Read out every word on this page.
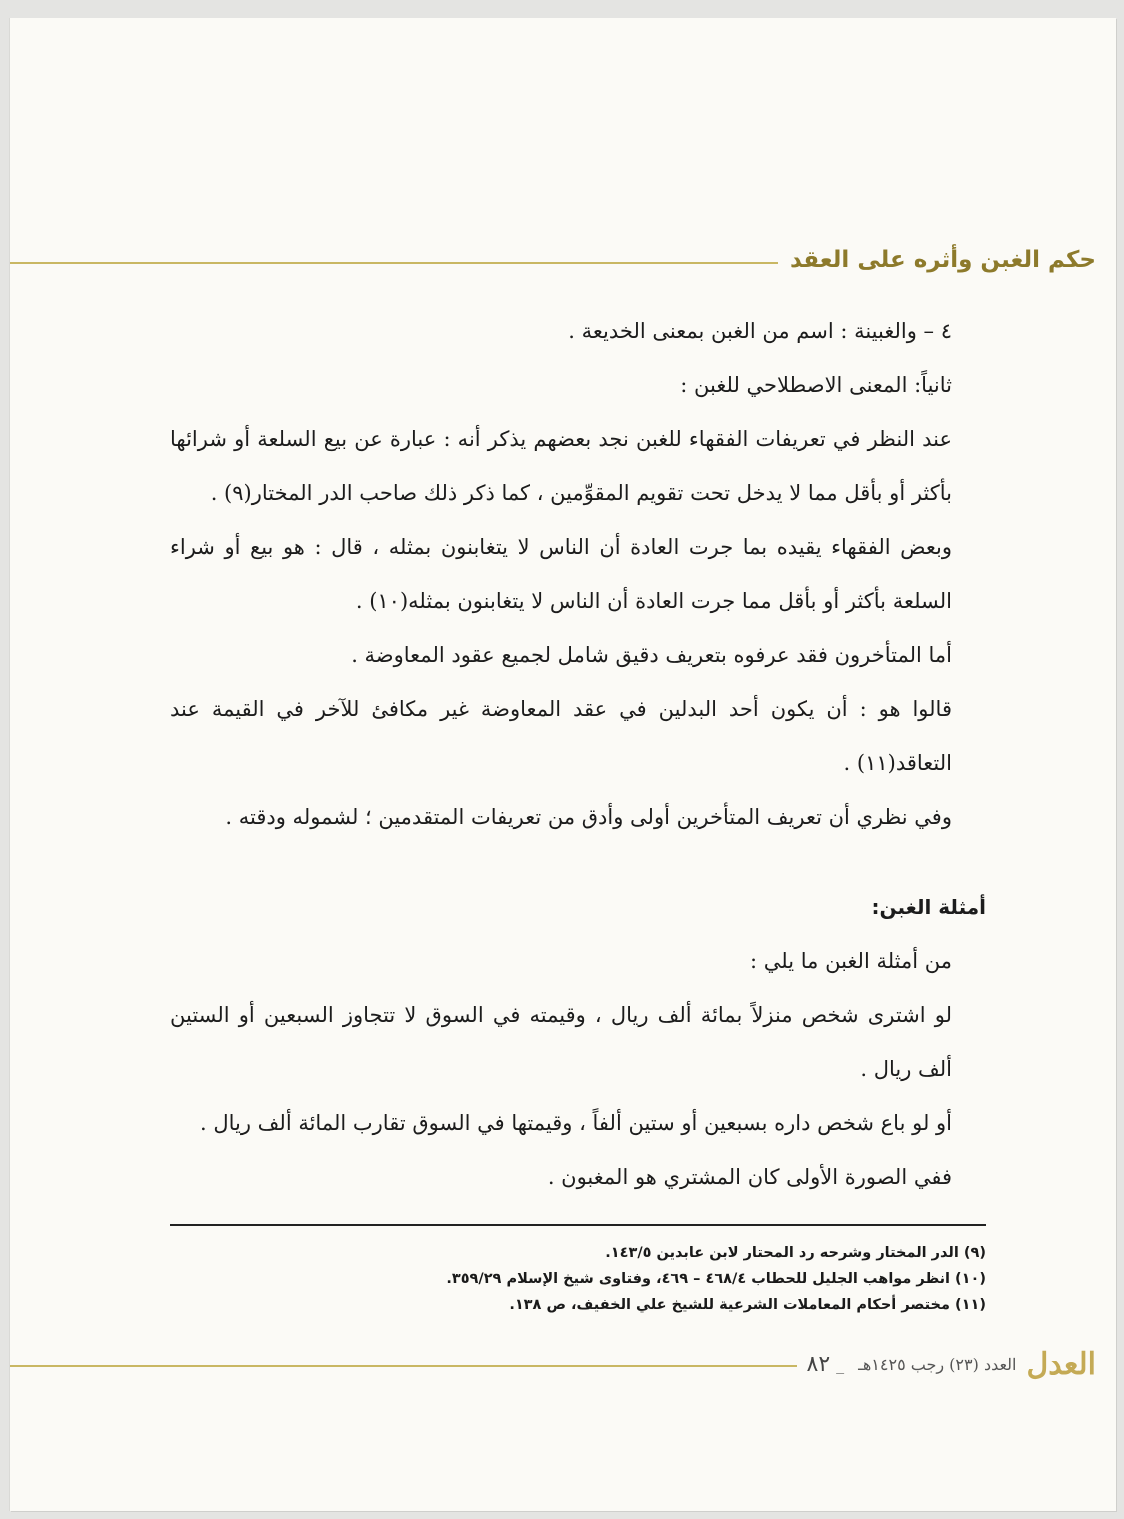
حكم الغبن وأثره على العقد

٤ – والغبينة : اسم من الغبن بمعنى الخديعة .

ثانياً: المعنى الاصطلاحي للغبن :

عند النظر في تعريفات الفقهاء للغبن نجد بعضهم يذكر أنه : عبارة عن بيع السلعة أو شرائها بأكثر أو بأقل مما لا يدخل تحت تقويم المقوِّمين ، كما ذكر ذلك صاحب الدر المختار(٩) .

وبعض الفقهاء يقيده بما جرت العادة أن الناس لا يتغابنون بمثله ، قال : هو بيع أو شراء السلعة بأكثر أو بأقل مما جرت العادة أن الناس لا يتغابنون بمثله(١٠) .

أما المتأخرون فقد عرفوه بتعريف دقيق شامل لجميع عقود المعاوضة .

قالوا هو : أن يكون أحد البدلين في عقد المعاوضة غير مكافئ للآخر في القيمة عند التعاقد(١١) .

وفي نظري أن تعريف المتأخرين أولى وأدق من تعريفات المتقدمين ؛ لشموله ودقته .

أمثلة الغبن:

من أمثلة الغبن ما يلي :

لو اشترى شخص منزلاً بمائة ألف ريال ، وقيمته في السوق لا تتجاوز السبعين أو الستين ألف ريال .

أو لو باع شخص داره بسبعين أو ستين ألفاً ، وقيمتها في السوق تقارب المائة ألف ريال .

ففي الصورة الأولى كان المشتري هو المغبون .

(٩) الدر المختار وشرحه رد المحتار لابن عابدين ١٤٣/٥.
(١٠) انظر مواهب الجليل للحطاب ٤٦٨/٤ – ٤٦٩، وفتاوى شيخ الإسلام ٣٥٩/٢٩.
(١١) مختصر أحكام المعاملات الشرعية للشيخ علي الخفيف، ص ١٣٨.
العدل
العدد (٢٣) رجب ١٤٢٥هـ
_
٨٢
